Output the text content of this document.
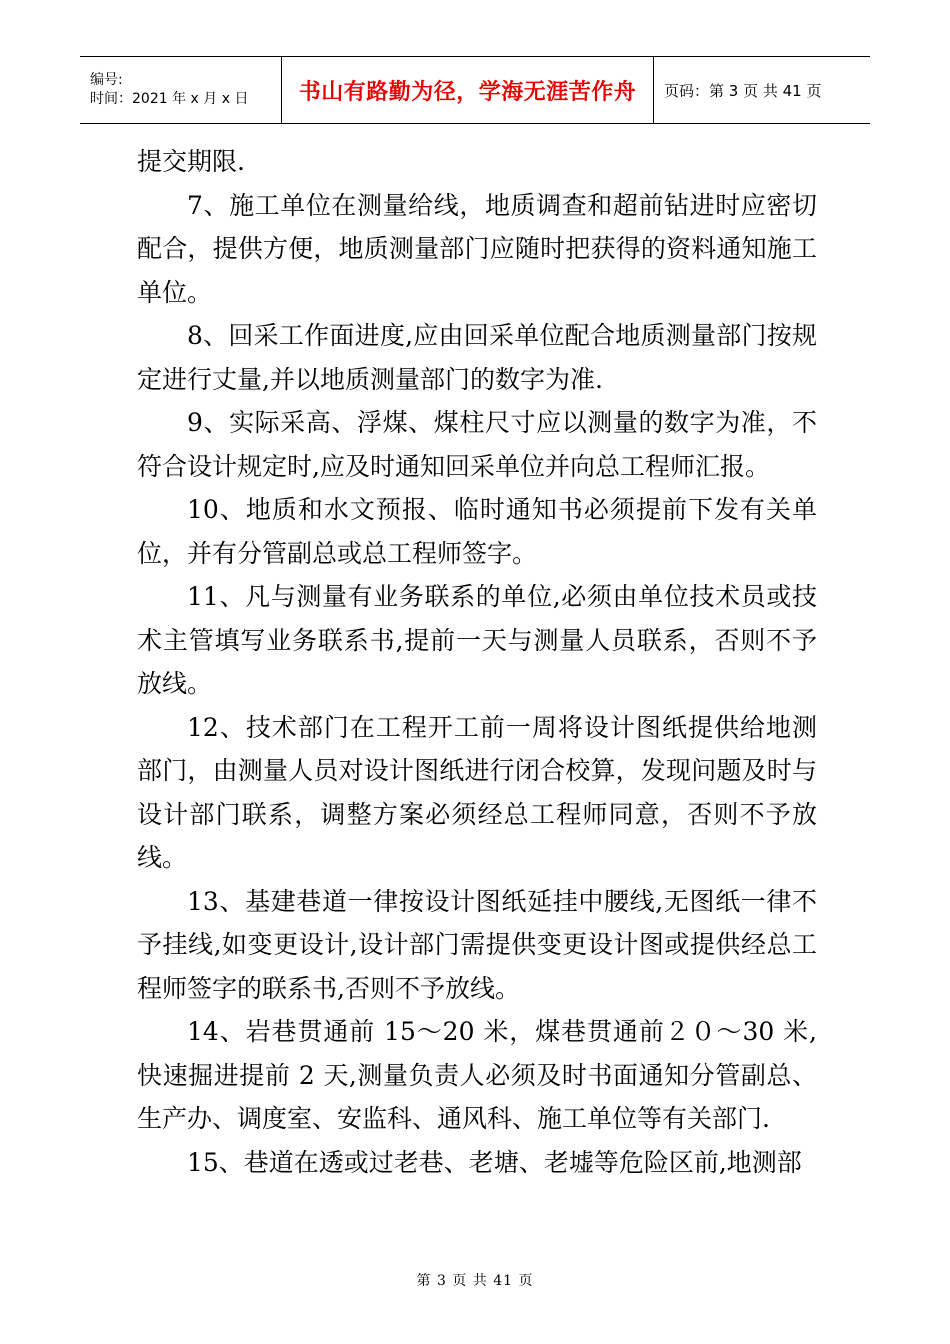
编号:
时间：2021 年 x 月 x 日	书山有路勤为径，学海无涯苦作舟 页码：第 3 页 共 41 页

提交期限.

7、施工单位在测量给线，地质调查和超前钻进时应密切配合，提供方便，地质测量部门应随时把获得的资料通知施工单位。

8、回采工作面进度,应由回采单位配合地质测量部门按规定进行丈量,并以地质测量部门的数字为准.

9、实际采高、浮煤、煤柱尺寸应以测量的数字为准，不符合设计规定时,应及时通知回采单位并向总工程师汇报。

10、地质和水文预报、临时通知书必须提前下发有关单位，并有分管副总或总工程师签字。

11、凡与测量有业务联系的单位,必须由单位技术员或技术主管填写业务联系书,提前一天与测量人员联系，否则不予放线。

12、技术部门在工程开工前一周将设计图纸提供给地测部门，由测量人员对设计图纸进行闭合校算，发现问题及时与设计部门联系，调整方案必须经总工程师同意，否则不予放线。

13、基建巷道一律按设计图纸延挂中腰线,无图纸一律不予挂线,如变更设计,设计部门需提供变更设计图或提供经总工程师签字的联系书,否则不予放线。

14、岩巷贯通前 15～20 米，煤巷贯通前２０～30 米,快速掘进提前 2 天,测量负责人必须及时书面通知分管副总、生产办、调度室、安监科、通风科、施工单位等有关部门.

15、巷道在透或过老巷、老塘、老墟等危险区前,地测部

第 3 页 共 41 页
